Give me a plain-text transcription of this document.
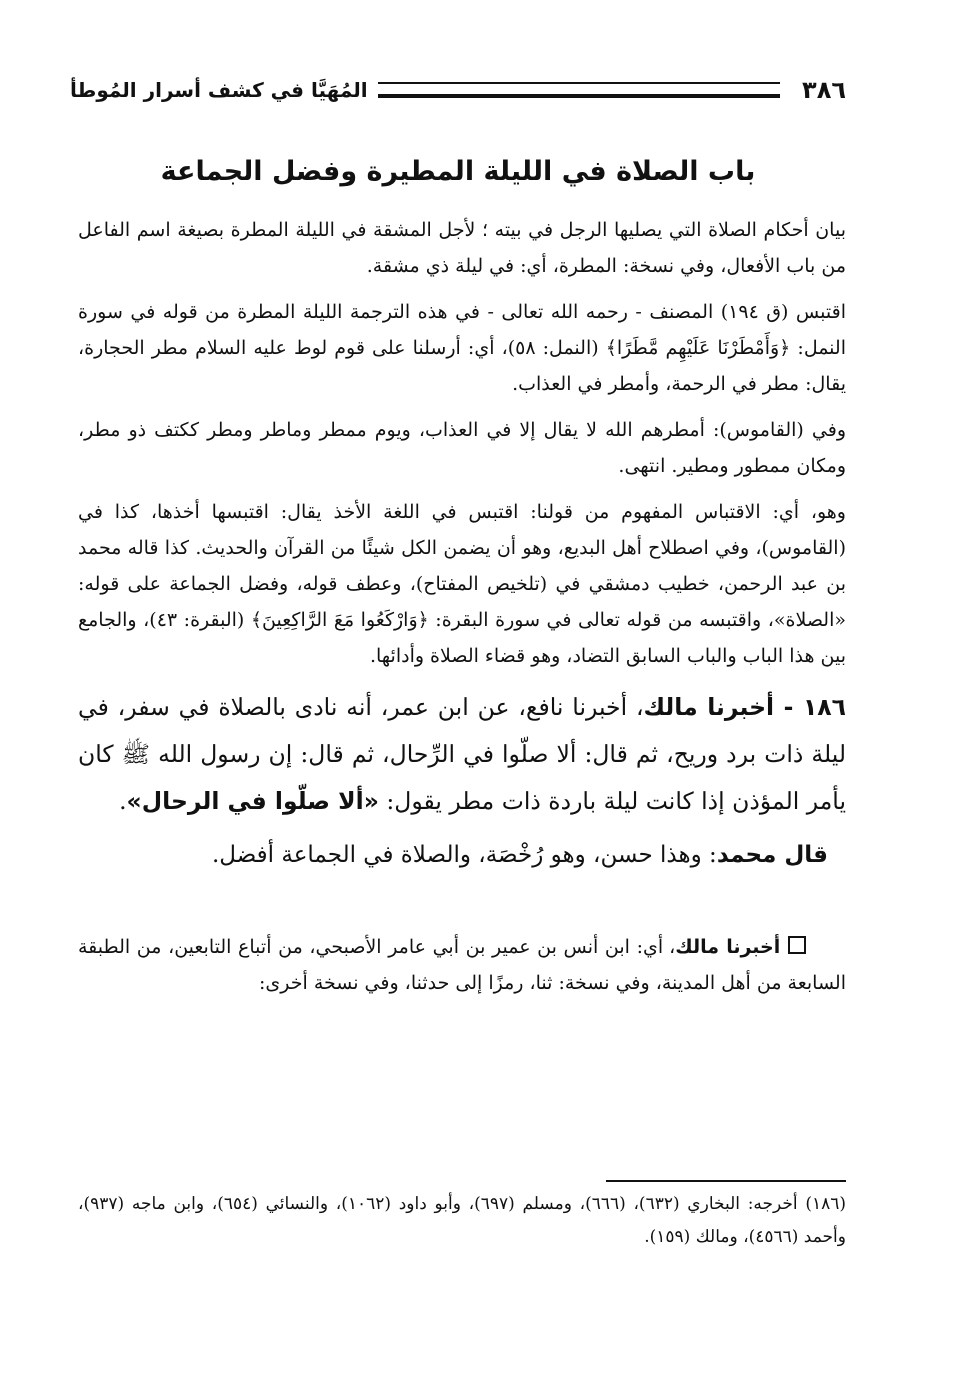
٣٨٦
المُهَيَّا في كشف أسرار المُوطأ
باب الصلاة في الليلة المطيرة وفضل الجماعة

بيان أحكام الصلاة التي يصليها الرجل في بيته ؛ لأجل المشقة في الليلة المطرة بصيغة اسم الفاعل من باب الأفعال، وفي نسخة: المطرة، أي: في ليلة ذي مشقة.

اقتبس (ق ١٩٤) المصنف - رحمه الله تعالى - في هذه الترجمة الليلة المطرة من قوله في سورة النمل: ﴿وَأَمْطَرْنَا عَلَيْهِم مَّطَرًا﴾ (النمل: ٥٨)، أي: أرسلنا على قوم لوط عليه السلام مطر الحجارة، يقال: مطر في الرحمة، وأمطر في العذاب.

وفي (القاموس): أمطرهم الله لا يقال إلا في العذاب، ويوم ممطر وماطر ومطر ككتف ذو مطر، ومكان ممطور ومطير. انتهى.

وهو، أي: الاقتباس المفهوم من قولنا: اقتبس في اللغة الأخذ يقال: اقتبسها أخذها، كذا في (القاموس)، وفي اصطلاح أهل البديع، وهو أن يضمن الكل شيئًا من القرآن والحديث. كذا قاله محمد بن عبد الرحمن، خطيب دمشقي في (تلخيص المفتاح)، وعطف قوله، وفضل الجماعة على قوله: «الصلاة»، واقتبسه من قوله تعالى في سورة البقرة: ﴿وَارْكَعُوا مَعَ الرَّاكِعِينَ﴾ (البقرة: ٤٣)، والجامع بين هذا الباب والباب السابق التضاد، وهو قضاء الصلاة وأدائها.

١٨٦ - أخبرنا مالك، أخبرنا نافع، عن ابن عمر، أنه نادى بالصلاة في سفر، في ليلة ذات برد وريح، ثم قال: ألا صلّوا في الرِّحال، ثم قال: إن رسول الله ﷺ كان يأمر المؤذن إذا كانت ليلة باردة ذات مطر يقول: «ألا صلّوا في الرحال».

قال محمد: وهذا حسن، وهو رُخْصَة، والصلاة في الجماعة أفضل.

أخبرنا مالك، أي: ابن أنس بن عمير بن أبي عامر الأصبحي، من أتباع التابعين، من الطبقة السابعة من أهل المدينة، وفي نسخة: ثنا، رمزًا إلى حدثنا، وفي نسخة أخرى:

(١٨٦) أخرجه: البخاري (٦٣٢)، (٦٦٦)، ومسلم (٦٩٧)، وأبو داود (١٠٦٢)، والنسائي (٦٥٤)، وابن ماجه (٩٣٧)، وأحمد (٤٥٦٦)، ومالك (١٥٩).
